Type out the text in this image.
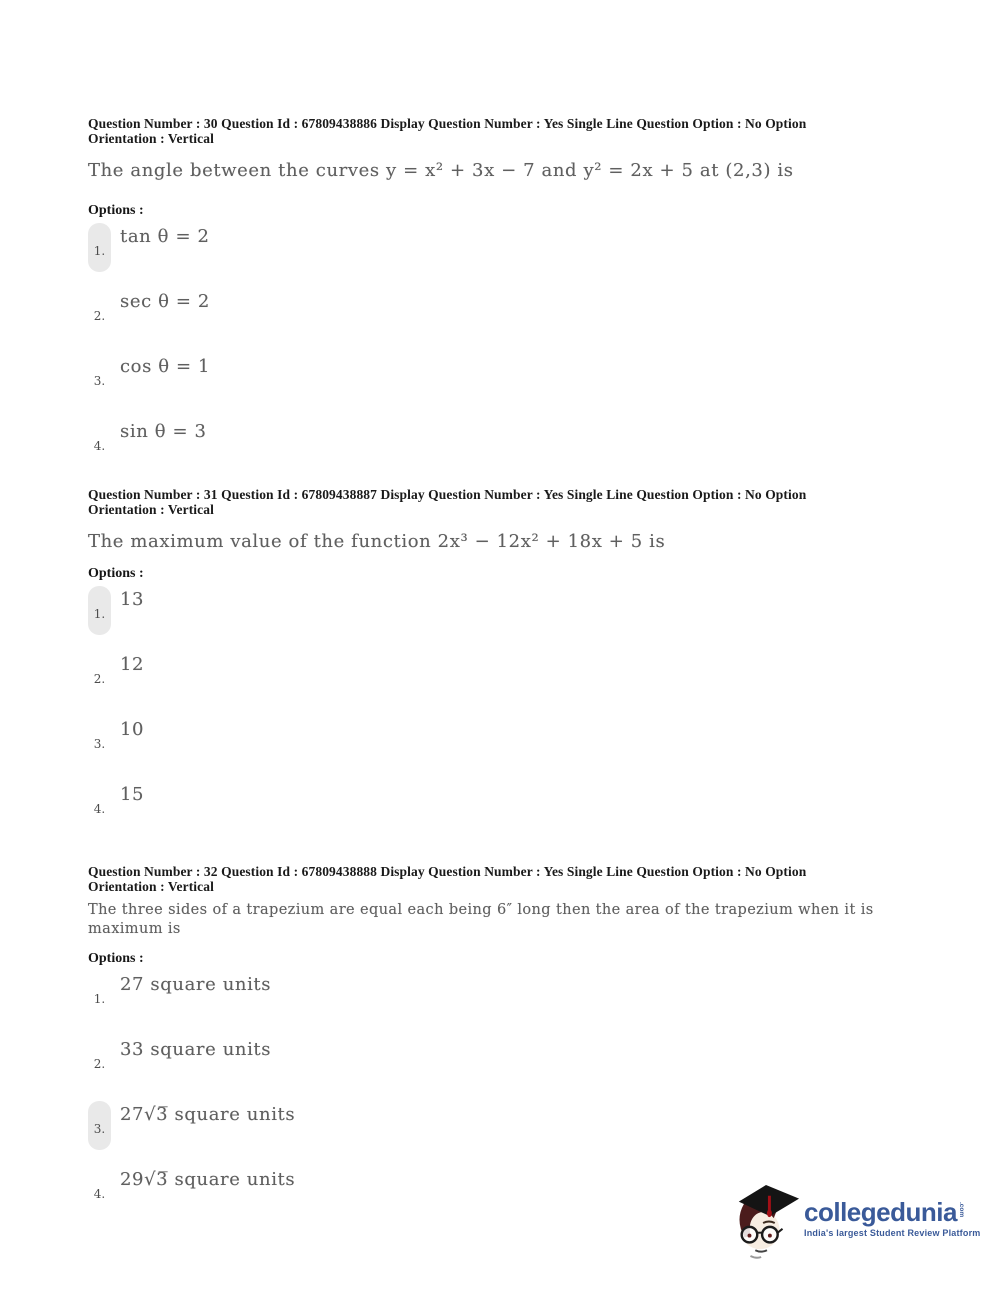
Question Number : 30 Question Id : 67809438886 Display Question Number : Yes Single Line Question Option : No Option
Orientation : Vertical
The angle between the curves y = x² + 3x − 7 and y² = 2x + 5 at (2,3) is
Options :
1.
tan θ = 2
2.
sec θ = 2
3.
cos θ = 1
4.
sin θ = 3
Question Number : 31 Question Id : 67809438887 Display Question Number : Yes Single Line Question Option : No Option
Orientation : Vertical
The maximum value of the function 2x³ − 12x² + 18x + 5 is
Options :
1.
13
2.
12
3.
10
4.
15
Question Number : 32 Question Id : 67809438888 Display Question Number : Yes Single Line Question Option : No Option
Orientation : Vertical
The three sides of a trapezium are equal each being 6″ long then the area of the trapezium when it is maximum is
Options :
1.
27 square units
2.
33 square units
3.
27√3̅ square units
4.
29√3̅ square units
collegedunia .com
India's largest Student Review Platform
